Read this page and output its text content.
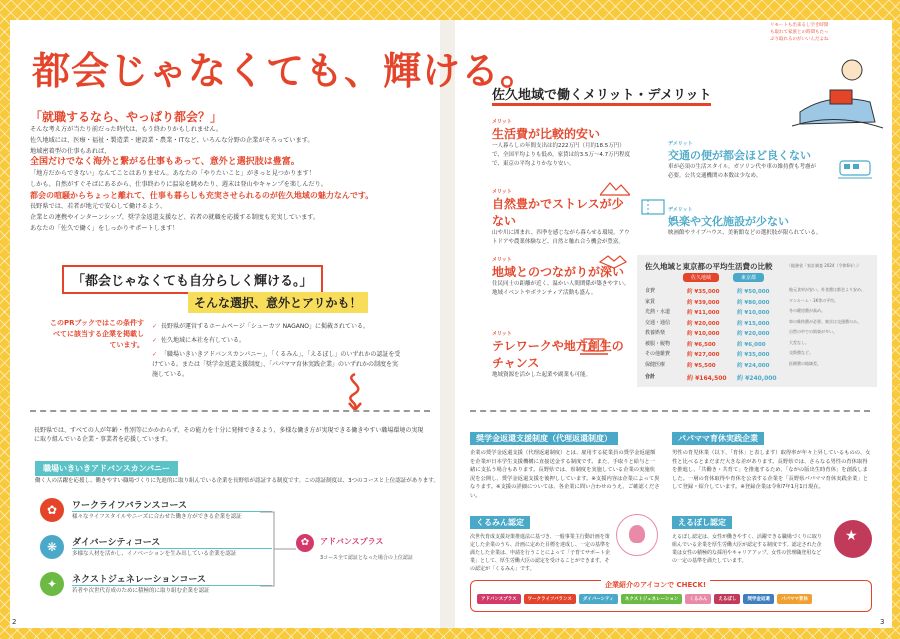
都会じゃなくても、輝ける。
「就職するなら、やっぱり都会？」
そんな考え方が当たり前だった時代は、もう終わりかもしれません。
佐久地域には、医療・福祉・製造業・建設業・農業・ITなど、いろんな分野の企業がそろっています。
地域密着型の仕事もあれば、
全国だけでなく海外と繋がる仕事もあって、意外と選択肢は豊富。
「地方だからできない」なんてことはありません。あなたの「やりたいこと」がきっと見つかります！
しかも、自然がすぐそばにあるから、仕事終わりに温泉を眺めたり、週末は登山やキャンプを楽しんだり。
都会の喧騒からちょっと離れて、仕事も暮らしも充実させられるのが佐久地域の魅力なんです。
長野県では、若者が地元で安心して働けるよう、
企業との連携やインターンシップ、奨学金返還支援など、若者の就職を応援する制度も充実しています。
あなたの「佐久で働く」をしっかりサポートします！
「都会じゃなくても自分らしく輝ける。」
そんな選択、意外とアリかも！
このPRブックではこの条件すべてに該当する企業を掲載しています。
✓ 長野県が運営するホームページ「シューカツ NAGANO」に掲載されている。
✓ 佐久地域に本社を有している。
✓ 「職場いきいきアドバンスカンパニー」、「くるみん」、「えるぼし」のいずれかの認証を受けている。または「奨学金返還支援制度」、「パパママ育休実践企業」のいずれかの制度を実施している。
長野県では、すべての人が年齢・性別等にかかわらず、その能力を十分に発揮できるよう、多様な働き方が実現できる働きやすい職場環境の実現に取り組んでいる企業・事業者を応援しています。
職場いきいきアドバンスカンパニー
働く人の活躍を応援し、働きやすい職場づくりに先進的に取り組んでいる企業を長野県が認証する制度です。この認証制度は、3つのコースと上位認証があります。
✿	ワークライフバランスコース
様々なライフスタイルやニーズに合わせた働き方ができる企業を認証
❋	ダイバーシティコース
多様な人材を活かし、イノベーションを生み出している企業を認証
✦	ネクストジェネレーションコース
若者や次世代育成のために積極的に取り組む企業を認証
✿	アドバンスプラス
3コース全て認証となった場合の上位認証
2
リモートも出来るし空き時間も取れて家族との時間もたっぷり取れるのがいいんだよね
佐久地域で働くメリット・デメリット
メリット
生活費が比較的安い
一人暮らしの年間支出は約222万円（月約18.5万円）で、全国平均よりも低め。家賃は約3.5万〜4.7万円程度で、東京の平均よりかなり安い。
メリット
自然豊かでストレスが少ない
山や川に囲まれ、四季を感じながら暮らせる環境。アウトドアや農業体験など、自然と触れ合う機会が豊富。
メリット
地域とのつながりが深い
住民同士の距離が近く、温かい人間関係が築きやすい。地域イベントやボランティア活動も盛ん。
メリット
テレワークや地方創生のチャンス
地域資源を活かした起業や副業も可能。
デメリット
交通の便が都会ほど良くない
車が必須の生活スタイル。ガソリン代や車の維持費も考慮が必要。公共交通機関の本数は少なめ。
デメリット
娯楽や文化施設が少ない
映画館やライブハウス、美術館などの選択肢が限られている。
佐久地域と東京都の平均生活費の比較	（総務省「家計調査 2024（令和6年）」）
佐久地域	東京都
食費	約 ¥35,000	約 ¥50,000	地元食材が安い。外食費は都会より安め。
家賃	約 ¥39,000	約 ¥80,000	ワンルーム・1K等の平均。
光熱・水道	約 ¥11,000	約 ¥10,000	冬の暖房費が高め。
交通・通信	約 ¥20,000	約 ¥15,000	車の維持費が必要。東京は交通費のみ。
教養娯楽	約 ¥10,000	約 ¥20,000	自然の中での娯楽が多い。
被服・履物	約 ¥6,500	約 ¥6,000	大差なし。
その他雑費	約 ¥27,000	約 ¥35,000	交際費など。
保健医療	約 ¥5,500	約 ¥24,000	医療費の地域差。
合計	約 ¥164,500 約 ¥240,000
奨学金返還支援制度（代理返還制度）
企業の奨学金返還支援（代理返還制度）とは、雇用する従業員の奨学金返還額を企業が日本学生支援機構に直接送金する制度です。また、手取りと給与と一緒に支払う場合もあります。長野県では、県制度を実施している企業の実施状況を公開し、奨学金返還支援を後押ししています。※支援内容は企業によって異なります。※支援の詳細については、各企業に問い合わせのうえ、ご確認ください。
パパママ育休実践企業
男性の育児休業（以下、「育休」と表します）取得率が年々上昇しているものの、女性と比べるとまだまだ大きな差があります。長野県では、さらなる男性の育休取得を推進し、「共働き・共育て」を推進するため、「ながの版出生時育休」を創設しました。一層の育休取得や育休を公表する企業を「長野県パパママ育休実践企業」として登録・紹介しています。※登録企業は令和7年1月1日現在。
くるみん認定
次世代育成支援対策推進法に基づき、一般事業主行動計画を策定した企業のうち、計画に定めた目標を達成し、一定の基準を満たした企業は、申請を行うことによって「子育てサポート企業」として、厚生労働大臣の認定を受けることができます。その認定が「くるみん」です。
えるぼし認定
えるぼし認定は、女性が働きやすく、活躍できる職場づくりに取り組んでいる企業を厚生労働大臣が認定する制度です。認定された企業は女性の積極的な採用やキャリアアップ、女性の管理職登用などの一定の基準を満たしています。
★
企業紹介のアイコンで CHECK!
アドバンスプラス	ワークライフバランス	ダイバーシティ	ネクストジェネレーション	くるみん	えるぼし	奨学金返還	パパママ育休
3
